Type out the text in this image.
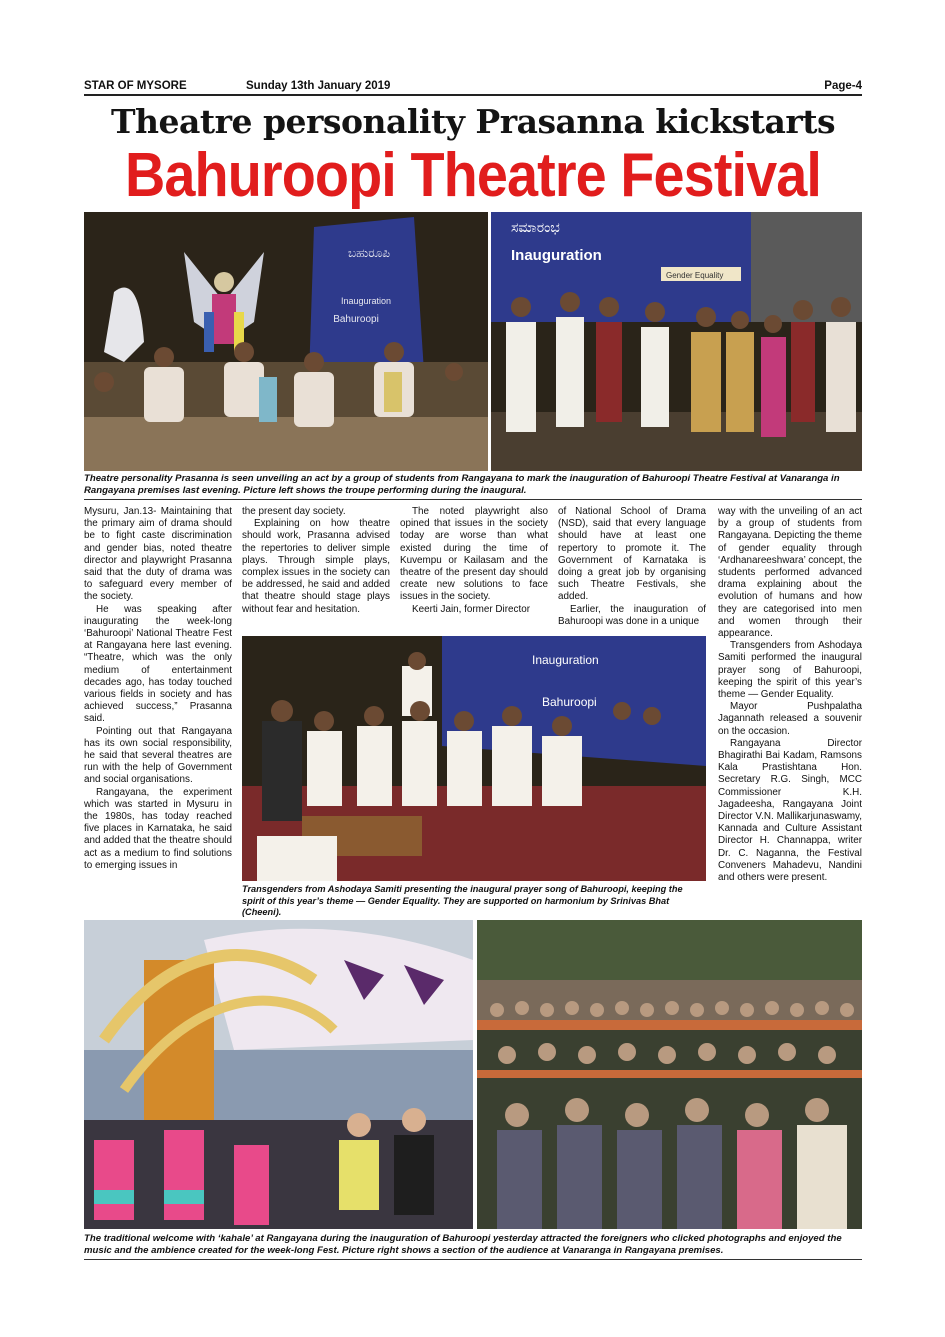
STAR OF MYSORE	Sunday 13th January 2019	Page-4
Theatre personality Prasanna kickstarts
Bahuroopi Theatre Festival
ಬಹುರೂಪಿ
Inauguration
Bahuroopi
ಸಮಾರಂಭ
Inauguration
Gender Equality
Theatre personality Prasanna is seen unveiling an act by a group of students from Rangayana to mark the inauguration of Bahuroopi Theatre Festival at Vanaranga in Rangayana premises last evening. Picture left shows the troupe performing during the inaugural.

Mysuru, Jan.13- Maintaining that the primary aim of drama should be to fight caste discrimination and gender bias, noted theatre director and playwright Prasanna said that the duty of drama was to safeguard every member of the society.

He was speaking after inaugurating the week-long ‘Bahuroopi’ National Theatre Fest at Rangayana here last evening. “Theatre, which was the only medium of entertainment decades ago, has today touched various fields in society and has achieved success,” Prasanna said.

Pointing out that Rangayana has its own social responsibility, he said that several theatres are run with the help of Government and social organisations.

Rangayana, the experiment which was started in Mysuru in the 1980s, has today reached five places in Karnataka, he said and added that the theatre should act as a medium to find solutions to emerging issues in

the present day society.

Explaining on how theatre should work, Prasanna advised the repertories to deliver simple plays. Through simple plays, complex issues in the society can be addressed, he said and added that theatre should stage plays without fear and hesitation.

The noted playwright also opined that issues in the society today are worse than what existed during the time of Kuvempu or Kailasam and the theatre of the present day should create new solutions to face issues in the society.

Keerti Jain, former Director

of National School of Drama (NSD), said that every language should have at least one repertory to promote it. The Government of Karnataka is doing a great job by organising such Theatre Festivals, she added.

Earlier, the inauguration of Bahuroopi was done in a unique

way with the unveiling of an act by a group of students from Rangayana. Depicting the theme of gender equality through ‘Ardhanareeshwara’ concept, the students performed advanced drama explaining about the evolution of humans and how they are categorised into men and women through their appearance.

Transgenders from Ashodaya Samiti performed the inaugural prayer song of Bahuroopi, keeping the spirit of this year’s theme — Gender Equality.

Mayor Pushpalatha Jagannath released a souvenir on the occasion.

Rangayana Director Bhagirathi Bai Kadam, Ramsons Kala Prastishtana Hon. Secretary R.G. Singh, MCC Commissioner K.H. Jagadeesha, Rangayana Joint Director V.N. Mallikarjunaswamy, Kannada and Culture Assistant Director H. Channappa, writer Dr. C. Naganna, the Festival Conveners Mahadevu, Nandini and others were present.

Inauguration
Bahuroopi
Transgenders from Ashodaya Samiti presenting the inaugural prayer song of Bahuroopi, keeping the spirit of this year’s theme — Gender Equality. They are supported on harmonium by Srinivas Bhat (Cheeni).
The traditional welcome with ‘kahale’ at Rangayana during the inauguration of Bahuroopi yesterday attracted the foreigners who clicked photographs and enjoyed the music and the ambience created for the week-long Fest. Picture right shows a section of the audience at Vanaranga in Rangayana premises.
